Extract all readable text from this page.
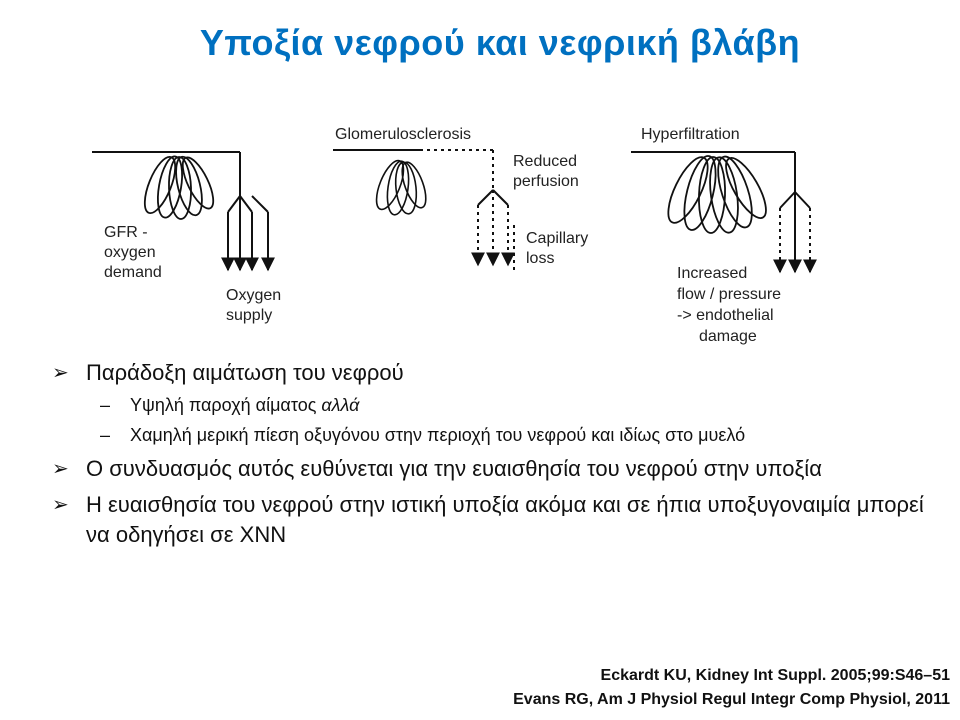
Υποξία νεφρού και νεφρική βλάβη
GFR - oxygen demand
Oxygen supply
Glomerulosclerosis
Reduced perfusion
Capillary loss
Hyperfiltration
Increased flow / pressure -> endothelial damage
➢ Παράδοξη αιμάτωση του νεφρού
– Υψηλή παροχή αίματος αλλά
– Χαμηλή μερική πίεση οξυγόνου στην περιοχή του νεφρού και ιδίως στο μυελό
➢ Ο συνδυασμός αυτός ευθύνεται για την ευαισθησία του νεφρού στην υποξία
➢ Η ευαισθησία του νεφρού στην ιστική υποξία ακόμα και σε ήπια υποξυγοναιμία μπορεί να οδηγήσει σε ΧΝΝ
Eckardt KU, Kidney Int Suppl. 2005;99:S46–51
Evans RG, Am J Physiol Regul Integr Comp Physiol, 2011
